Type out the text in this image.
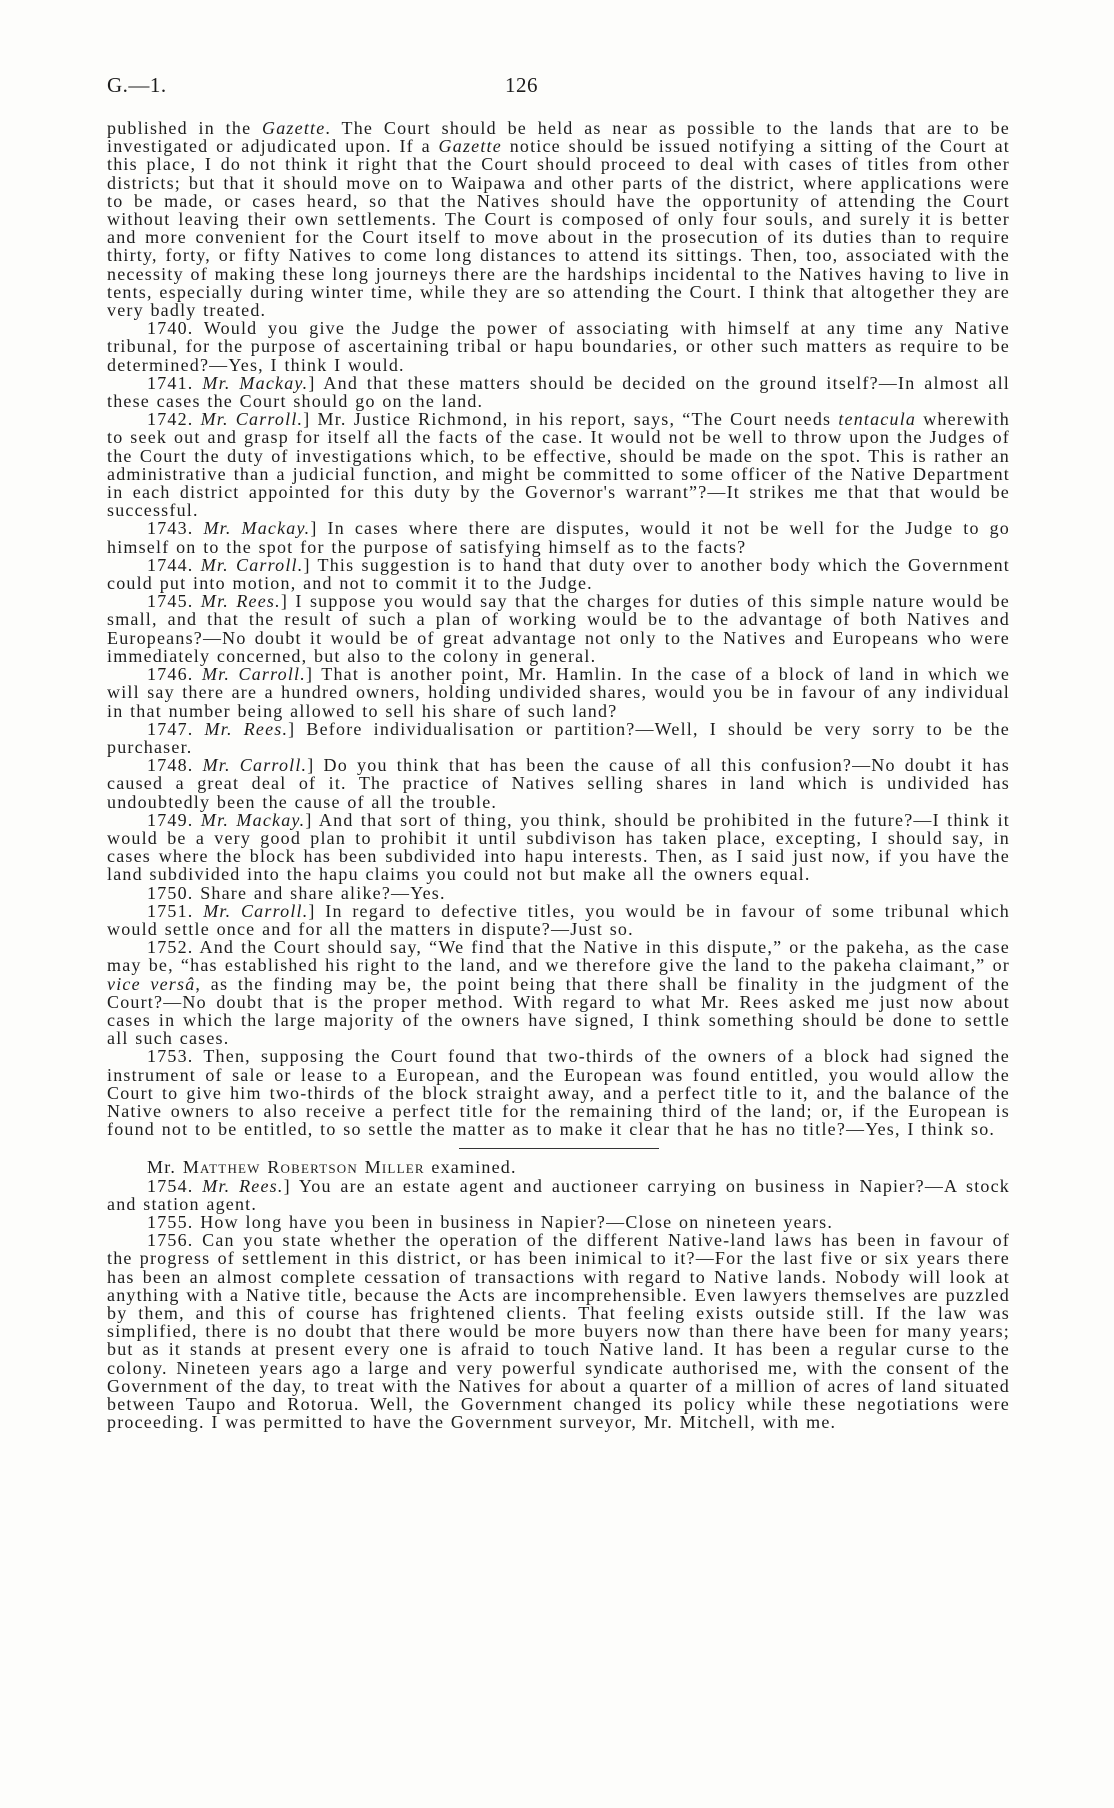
G.—1.	126

published in the Gazette. The Court should be held as near as possible to the lands that are to be investigated or adjudicated upon. If a Gazette notice should be issued notifying a sitting of the Court at this place, I do not think it right that the Court should proceed to deal with cases of titles from other districts; but that it should move on to Waipawa and other parts of the district, where applications were to be made, or cases heard, so that the Natives should have the opportunity of attending the Court without leaving their own settlements. The Court is composed of only four souls, and surely it is better and more convenient for the Court itself to move about in the prosecution of its duties than to require thirty, forty, or fifty Natives to come long distances to attend its sittings. Then, too, associated with the necessity of making these long journeys there are the hardships incidental to the Natives having to live in tents, especially during winter time, while they are so attending the Court. I think that altogether they are very badly treated.

1740. Would you give the Judge the power of associating with himself at any time any Native tribunal, for the purpose of ascertaining tribal or hapu boundaries, or other such matters as require to be determined?—Yes, I think I would.

1741. Mr. Mackay.] And that these matters should be decided on the ground itself?—In almost all these cases the Court should go on the land.

1742. Mr. Carroll.] Mr. Justice Richmond, in his report, says, “The Court needs tentacula wherewith to seek out and grasp for itself all the facts of the case. It would not be well to throw upon the Judges of the Court the duty of investigations which, to be effective, should be made on the spot. This is rather an administrative than a judicial function, and might be committed to some officer of the Native Department in each district appointed for this duty by the Governor's warrant”?—It strikes me that that would be successful.

1743. Mr. Mackay.] In cases where there are disputes, would it not be well for the Judge to go himself on to the spot for the purpose of satisfying himself as to the facts?

1744. Mr. Carroll.] This suggestion is to hand that duty over to another body which the Government could put into motion, and not to commit it to the Judge.

1745. Mr. Rees.] I suppose you would say that the charges for duties of this simple nature would be small, and that the result of such a plan of working would be to the advantage of both Natives and Europeans?—No doubt it would be of great advantage not only to the Natives and Europeans who were immediately concerned, but also to the colony in general.

1746. Mr. Carroll.] That is another point, Mr. Hamlin. In the case of a block of land in which we will say there are a hundred owners, holding undivided shares, would you be in favour of any individual in that number being allowed to sell his share of such land?

1747. Mr. Rees.] Before individualisation or partition?—Well, I should be very sorry to be the purchaser.

1748. Mr. Carroll.] Do you think that has been the cause of all this confusion?—No doubt it has caused a great deal of it. The practice of Natives selling shares in land which is undivided has undoubtedly been the cause of all the trouble.

1749. Mr. Mackay.] And that sort of thing, you think, should be prohibited in the future?—I think it would be a very good plan to prohibit it until subdivison has taken place, excepting, I should say, in cases where the block has been subdivided into hapu interests. Then, as I said just now, if you have the land subdivided into the hapu claims you could not but make all the owners equal.

1750. Share and share alike?—Yes.

1751. Mr. Carroll.] In regard to defective titles, you would be in favour of some tribunal which would settle once and for all the matters in dispute?—Just so.

1752. And the Court should say, “We find that the Native in this dispute,” or the pakeha, as the case may be, “has established his right to the land, and we therefore give the land to the pakeha claimant,” or vice versâ, as the finding may be, the point being that there shall be finality in the judgment of the Court?—No doubt that is the proper method. With regard to what Mr. Rees asked me just now about cases in which the large majority of the owners have signed, I think something should be done to settle all such cases.

1753. Then, supposing the Court found that two-thirds of the owners of a block had signed the instrument of sale or lease to a European, and the European was found entitled, you would allow the Court to give him two-thirds of the block straight away, and a perfect title to it, and the balance of the Native owners to also receive a perfect title for the remaining third of the land; or, if the European is found not to be entitled, to so settle the matter as to make it clear that he has no title?—Yes, I think so.

Mr. Matthew Robertson Miller examined.

1754. Mr. Rees.] You are an estate agent and auctioneer carrying on business in Napier?—A stock and station agent.

1755. How long have you been in business in Napier?—Close on nineteen years.

1756. Can you state whether the operation of the different Native-land laws has been in favour of the progress of settlement in this district, or has been inimical to it?—For the last five or six years there has been an almost complete cessation of transactions with regard to Native lands. Nobody will look at anything with a Native title, because the Acts are incomprehensible. Even lawyers themselves are puzzled by them, and this of course has frightened clients. That feeling exists outside still. If the law was simplified, there is no doubt that there would be more buyers now than there have been for many years; but as it stands at present every one is afraid to touch Native land. It has been a regular curse to the colony. Nineteen years ago a large and very powerful syndicate authorised me, with the consent of the Government of the day, to treat with the Natives for about a quarter of a million of acres of land situated between Taupo and Rotorua. Well, the Government changed its policy while these negotiations were proceeding. I was permitted to have the Government surveyor, Mr. Mitchell, with me.
